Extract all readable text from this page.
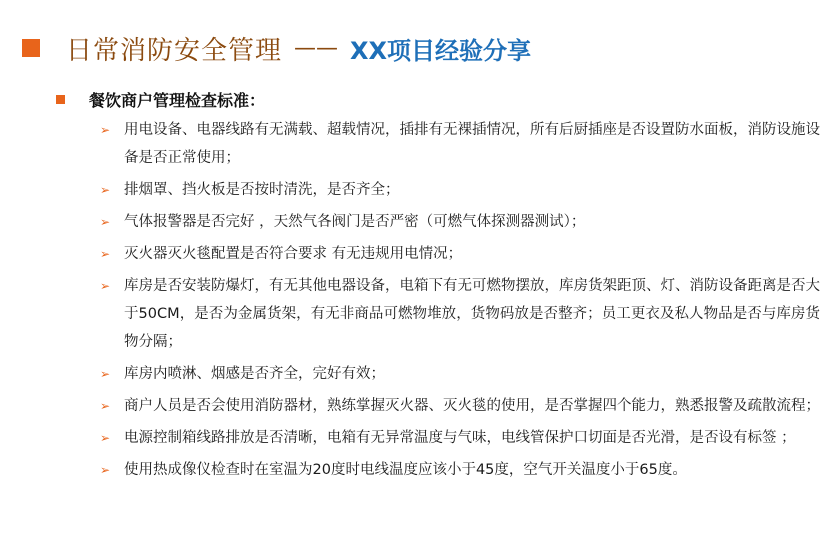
日常消防安全管理 —— XX项目经验分享
餐饮商户管理检查标准：
➢ 用电设备、电器线路有无满载、超载情况，插排有无裸插情况，所有后厨插座是否设置防水面板，消防设施设备是否正常使用；
➢ 排烟罩、挡火板是否按时清洗，是否齐全；
➢ 气体报警器是否完好 ，天然气各阀门是否严密（可燃气体探测器测试）；
➢ 灭火器灭火毯配置是否符合要求 有无违规用电情况；
➢ 库房是否安装防爆灯，有无其他电器设备，电箱下有无可燃物摆放，库房货架距顶、灯、消防设备距离是否大于50CM，是否为金属货架，有无非商品可燃物堆放，货物码放是否整齐；员工更衣及私人物品是否与库房货物分隔；
➢ 库房内喷淋、烟感是否齐全，完好有效；
➢ 商户人员是否会使用消防器材，熟练掌握灭火器、灭火毯的使用，是否掌握四个能力，熟悉报警及疏散流程；
➢ 电源控制箱线路排放是否清晰，电箱有无异常温度与气味，电线管保护口切面是否光滑，是否设有标签 ；
➢ 使用热成像仪检查时在室温为20度时电线温度应该小于45度，空气开关温度小于65度。
